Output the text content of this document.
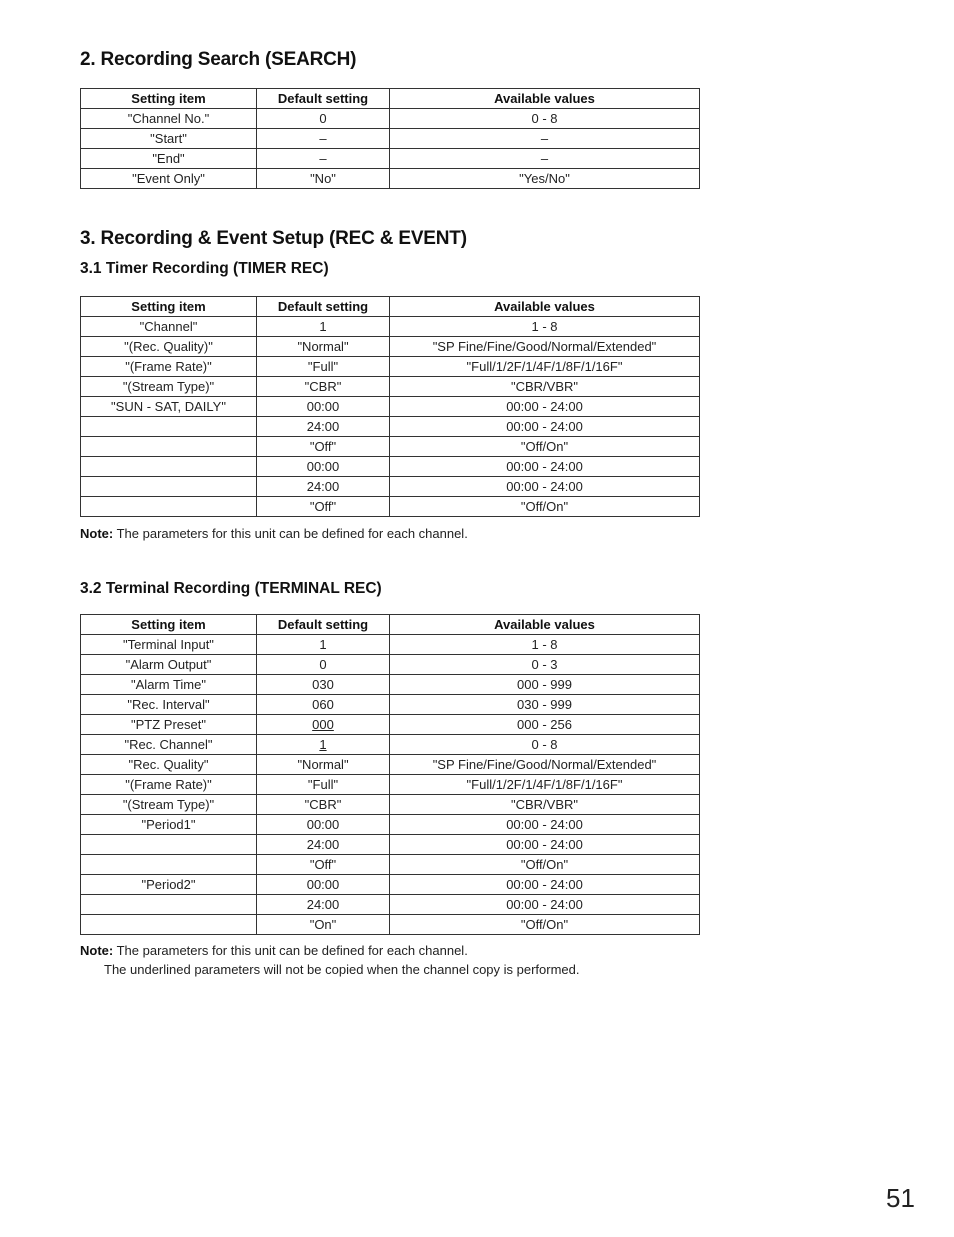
2. Recording Search (SEARCH)
Setting item	Default setting	Available values
"Channel No."	0	0 - 8
"Start"	–	–
"End"	–	–
"Event Only"	"No"	"Yes/No"
3. Recording & Event Setup (REC & EVENT)
3.1 Timer Recording (TIMER REC)
Setting item	Default setting	Available values
"Channel"	1	1 - 8
"(Rec. Quality)"	"Normal"	"SP Fine/Fine/Good/Normal/Extended"
"(Frame Rate)"	"Full"	"Full/1/2F/1/4F/1/8F/1/16F"
"(Stream Type)"	"CBR"	"CBR/VBR"
"SUN - SAT, DAILY"	00:00	00:00 - 24:00
	24:00	00:00 - 24:00
	"Off"	"Off/On"
	00:00	00:00 - 24:00
	24:00	00:00 - 24:00
	"Off"	"Off/On"

Note: The parameters for this unit can be defined for each channel.

3.2 Terminal Recording (TERMINAL REC)
Setting item	Default setting	Available values
"Terminal Input"	1	1 - 8
"Alarm Output"	0	0 - 3
"Alarm Time"	030	000 - 999
"Rec. Interval"	060	030 - 999
"PTZ Preset"	000	000 - 256
"Rec. Channel"	1	0 - 8
"Rec. Quality"	"Normal"	"SP Fine/Fine/Good/Normal/Extended"
"(Frame Rate)"	"Full"	"Full/1/2F/1/4F/1/8F/1/16F"
"(Stream Type)"	"CBR"	"CBR/VBR"
"Period1"	00:00	00:00 - 24:00
	24:00	00:00 - 24:00
	"Off"	"Off/On"
"Period2"	00:00	00:00 - 24:00
	24:00	00:00 - 24:00
	"On"	"Off/On"

Note: The parameters for this unit can be defined for each channel.
The underlined parameters will not be copied when the channel copy is performed.

51
